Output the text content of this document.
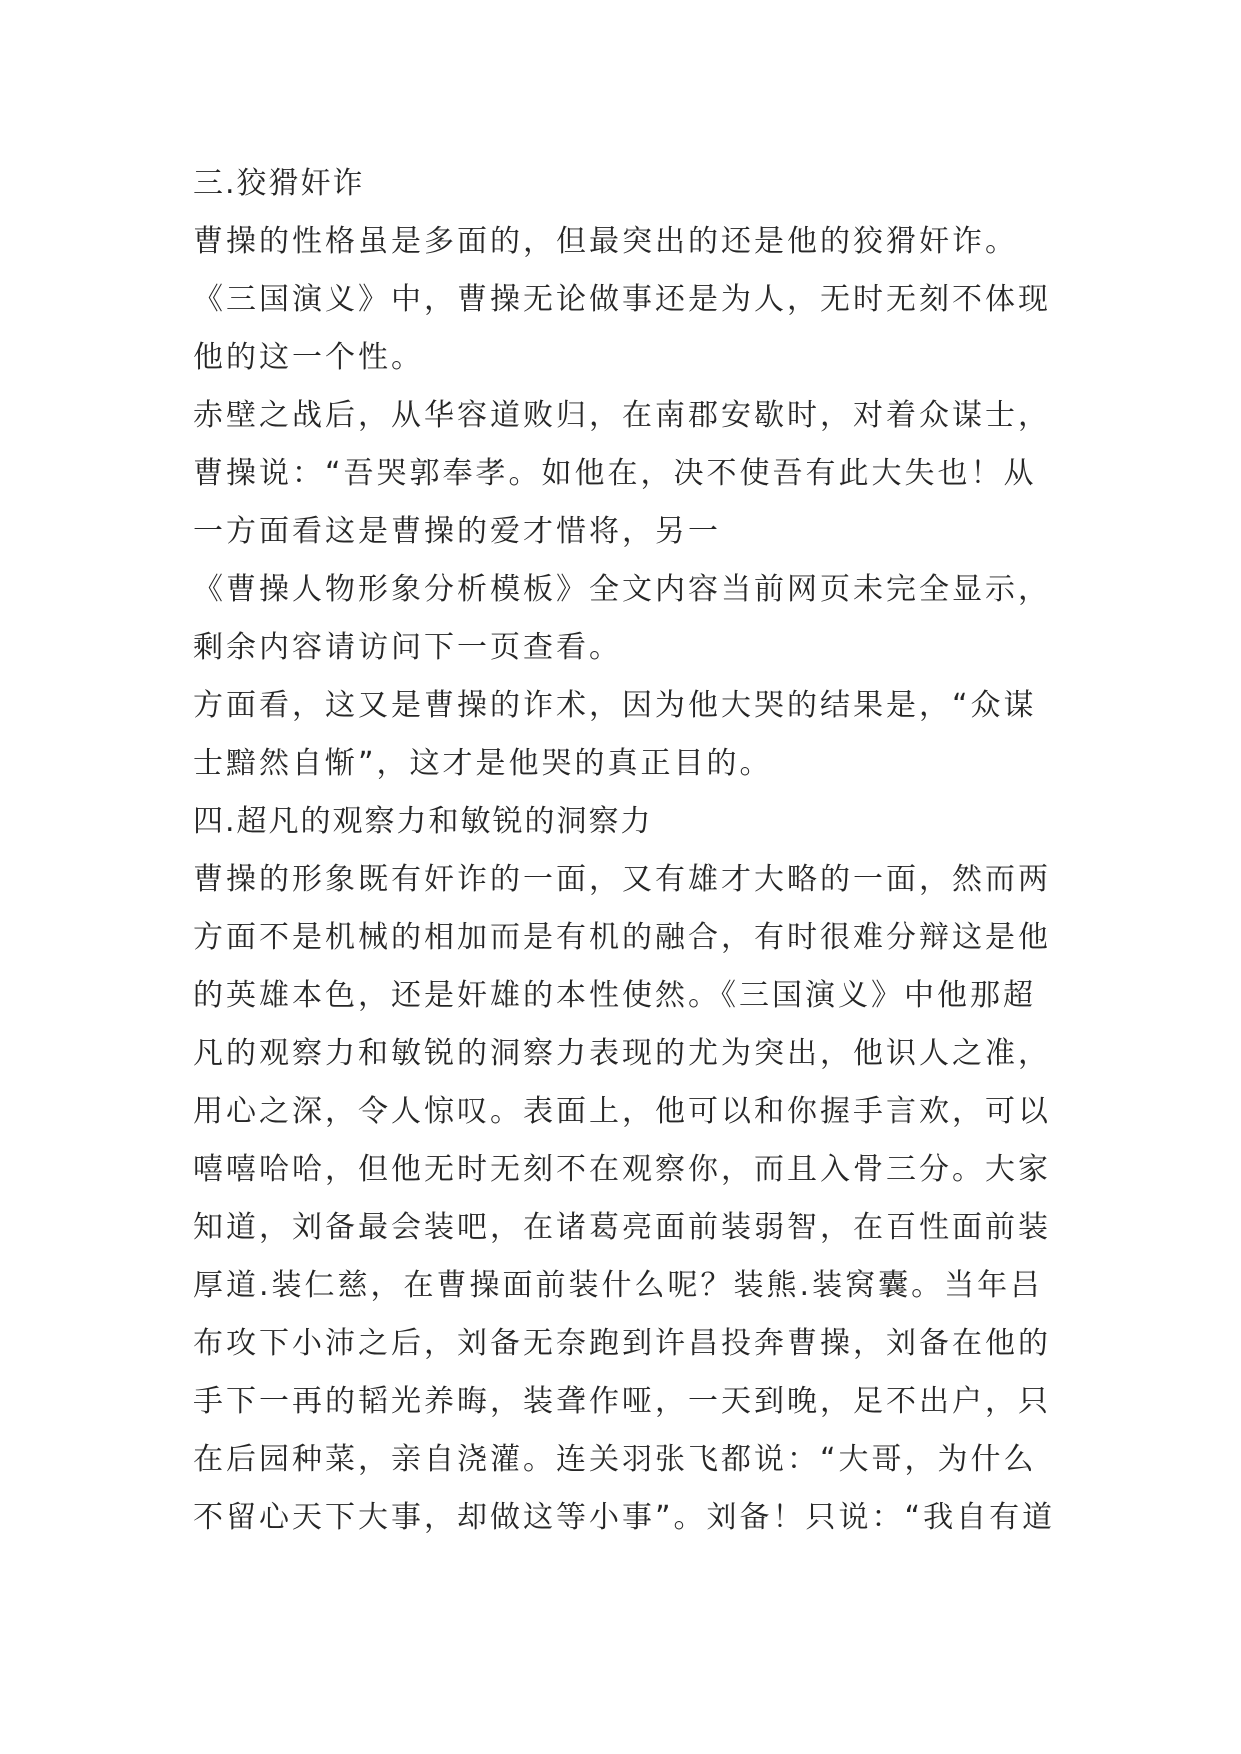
三.狡猾奸诈
曹操的性格虽是多面的，但最突出的还是他的狡猾奸诈。
《三国演义》中，曹操无论做事还是为人，无时无刻不体现
他的这一个性。
赤壁之战后，从华容道败归，在南郡安歇时，对着众谋士，
曹操说：“吾哭郭奉孝。如他在，决不使吾有此大失也！从
一方面看这是曹操的爱才惜将，另一
《曹操人物形象分析模板》全文内容当前网页未完全显示，
剩余内容请访问下一页查看。
方面看，这又是曹操的诈术，因为他大哭的结果是，“众谋
士黯然自惭”，这才是他哭的真正目的。
四.超凡的观察力和敏锐的洞察力
曹操的形象既有奸诈的一面，又有雄才大略的一面，然而两
方面不是机械的相加而是有机的融合，有时很难分辩这是他
的英雄本色，还是奸雄的本性使然。《三国演义》中他那超
凡的观察力和敏锐的洞察力表现的尤为突出，他识人之准，
用心之深，令人惊叹。表面上，他可以和你握手言欢，可以
嘻嘻哈哈，但他无时无刻不在观察你，而且入骨三分。大家
知道，刘备最会装吧，在诸葛亮面前装弱智，在百性面前装
厚道.装仁慈，在曹操面前装什么呢？装熊.装窝囊。当年吕
布攻下小沛之后，刘备无奈跑到许昌投奔曹操，刘备在他的
手下一再的韬光养晦，装聋作哑，一天到晚，足不出户，只
在后园种菜，亲自浇灌。连关羽张飞都说：“大哥，为什么
不留心天下大事，却做这等小事”。刘备！只说：“我自有道
